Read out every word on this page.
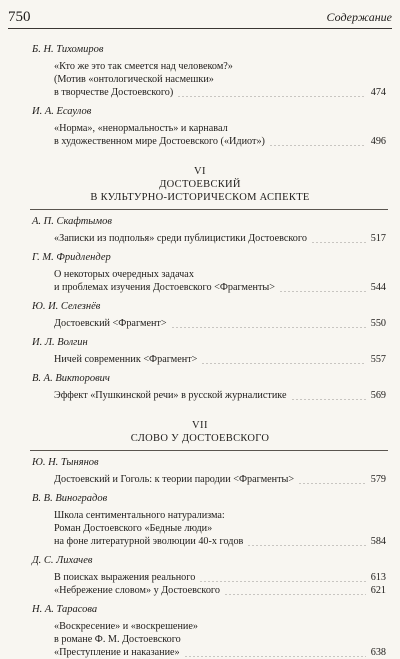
750	Содержание
Б. Н. Тихомиров
«Кто же это так смеется над человеком?»
(Мотив «онтологической насмешки»
в творчестве Достоевского)	474
И. А. Есаулов
«Норма», «ненормальность» и карнавал
в художественном мире Достоевского («Идиот»)	496
VI
ДОСТОЕВСКИЙ
В КУЛЬТУРНО-ИСТОРИЧЕСКОМ АСПЕКТЕ
А. П. Скафтымов
«Записки из подполья» среди публицистики Достоевского	517
Г. М. Фридлендер
О некоторых очередных задачах
и проблемах изучения Достоевского <Фрагменты>	544
Ю. И. Селезнёв
Достоевский <Фрагмент>	550
И. Л. Волгин
Ничей современник <Фрагмент>	557
В. А. Викторович
Эффект «Пушкинской речи» в русской журналистике	569
VII
СЛОВО У ДОСТОЕВСКОГО
Ю. Н. Тынянов
Достоевский и Гоголь: к теории пародии <Фрагменты>	579
В. В. Виноградов
Школа сентиментального натурализма:
Роман Достоевского «Бедные люди»
на фоне литературной эволюции 40-х годов	584
Д. С. Лихачев
В поисках выражения реального	613
«Небрежение словом» у Достоевского	621
Н. А. Тарасова
«Воскресение» и «воскрешение»
в романе Ф. М. Достоевского
«Преступление и наказание»	638
